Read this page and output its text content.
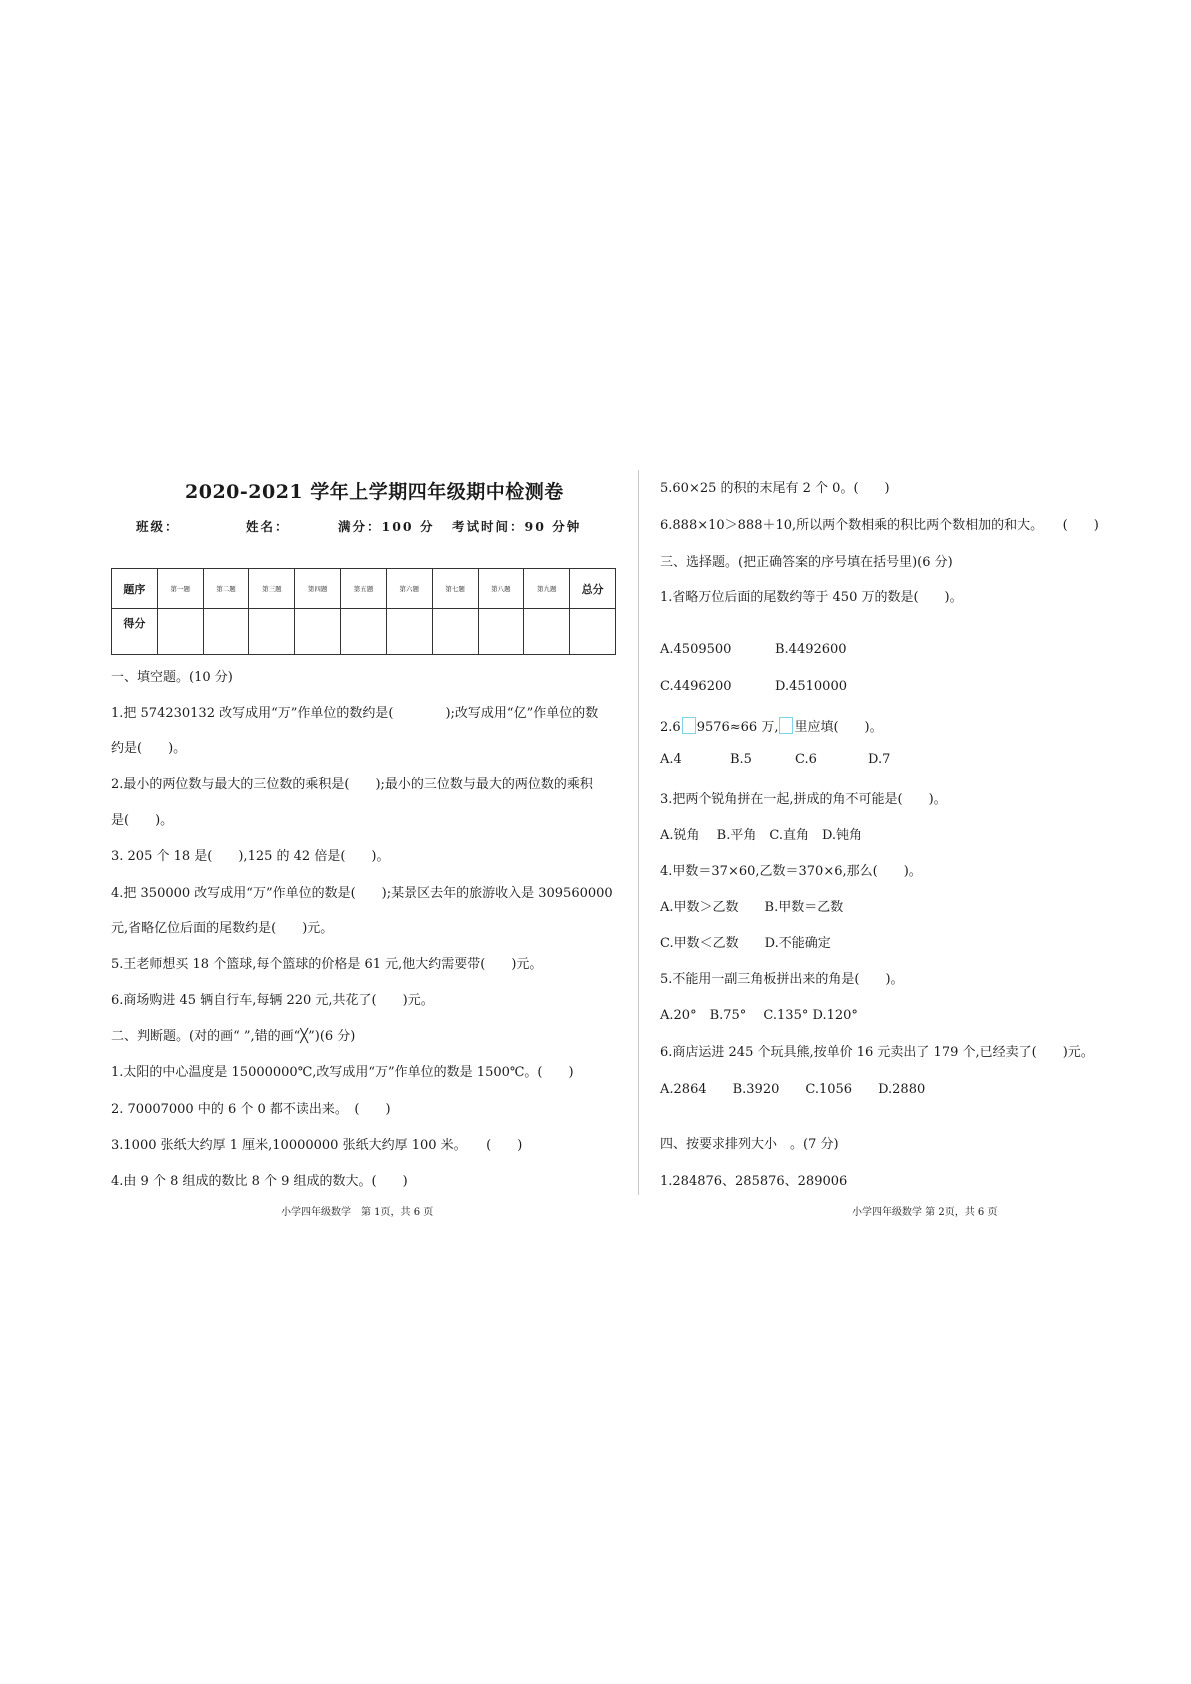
2020-2021 学年上学期四年级期中检测卷
班级：	姓名：	满分：100 分 考试时间：90 分钟
题序	第一题	第二题	第三题	第四题	第五题	第六题	第七题	第八题	第九题	总分
得分										
一、填空题。(10 分)
1.把 574230132 改写成用“万”作单位的数约是(　　　　);改写成用“亿”作单位的数
约是(　　)。
2.最小的两位数与最大的三位数的乘积是(　　);最小的三位数与最大的两位数的乘积
是(　　)。
3. 205 个 18 是(　　),125 的 42 倍是(　　)。
4.把 350000 改写成用“万”作单位的数是(　　);某景区去年的旅游收入是 309560000
元,省略亿位后面的尾数约是(　　)元。
5.王老师想买 18 个篮球,每个篮球的价格是 61 元,他大约需要带(　　)元。
6.商场购进 45 辆自行车,每辆 220 元,共花了(　　)元。
二、判断题。(对的画“ ”,错的画“╳”)(6 分)
1.太阳的中心温度是 15000000℃,改写成用“万”作单位的数是 1500℃。(　　)
2. 70007000 中的 6 个 0 都不读出来。　(　　)
3.1000 张纸大约厚 1 厘米,10000000 张纸大约厚 100 米。　　(　　)
4.由 9 个 8 组成的数比 8 个 9 组成的数大。(　　)
小学四年级数学　第 1页，共 6 页
5.60×25 的积的末尾有 2 个 0。(　　)
6.888×10＞888＋10,所以两个数相乘的积比两个数相加的和大。　　(　　)
三、选择题。(把正确答案的序号填在括号里)(6 分)
1.省略万位后面的尾数约等于 450 万的数是(　　)。
A.4509500	B.4492600
C.4496200	D.4510000
2.6 9576≈66 万, 里应填(　　)。
A.4	B.5	C.6	D.7
3.把两个锐角拼在一起,拼成的角不可能是(　　)。
A.锐角　 B.平角　C.直角　D.钝角
4.甲数＝37×60,乙数＝370×6,那么(　　)。
A.甲数＞乙数　　B.甲数＝乙数
C.甲数＜乙数　　D.不能确定
5.不能用一副三角板拼出来的角是(　　)。
A.20°　B.75°　 C.135° D.120°
6.商店运进 245 个玩具熊,按单价 16 元卖出了 179 个,已经卖了(　　)元。
A.2864　　B.3920　　C.1056　　D.2880
四、按要求排列大小　。(7 分)
1.284876、285876、289006
小学四年级数学 第 2页，共 6 页
